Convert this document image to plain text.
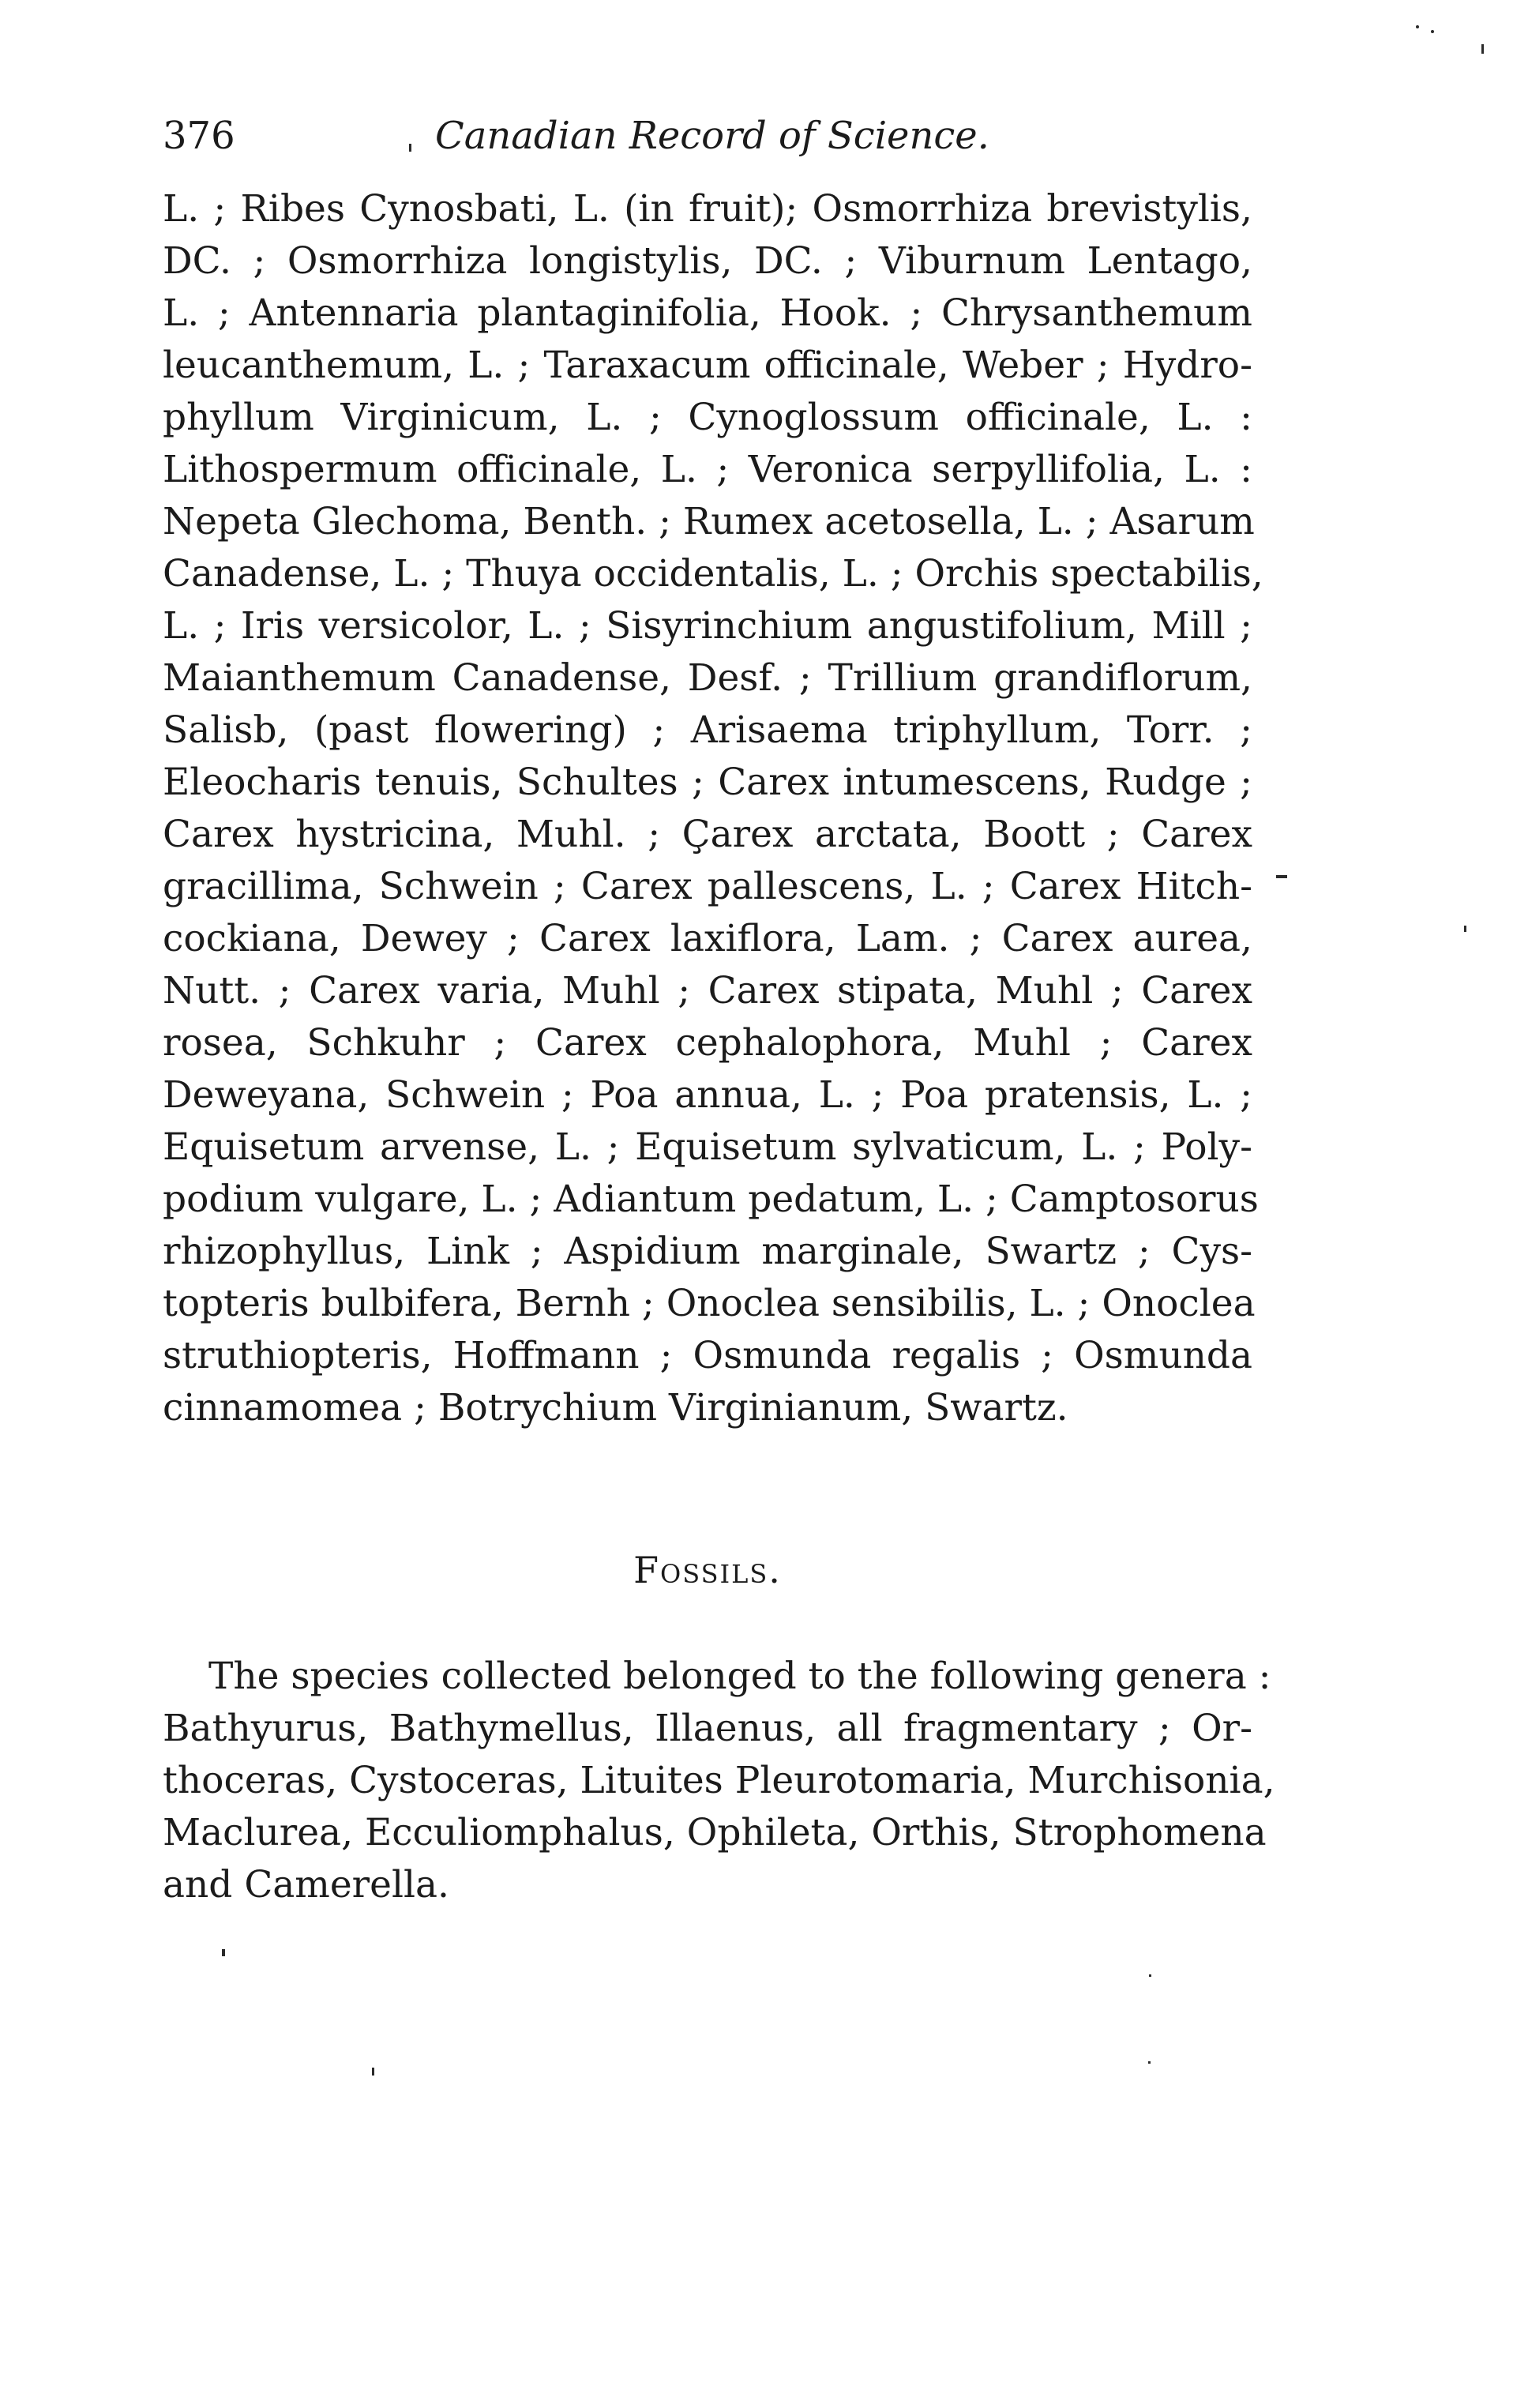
376	Canadian Record of Science.
L. ; Ribes Cynosbati, L. (in fruit); Osmorrhiza brevistylis,
DC. ; Osmorrhiza longistylis, DC. ; Viburnum Lentago,
L. ; Antennaria plantaginifolia, Hook. ; Chrysanthemum
leucanthemum, L. ; Taraxacum officinale, Weber ; Hydro-
phyllum Virginicum, L. ; Cynoglossum officinale, L. :
Lithospermum officinale, L. ; Veronica serpyllifolia, L. :
Nepeta Glechoma, Benth. ; Rumex acetosella, L. ; Asarum
Canadense, L. ; Thuya occidentalis, L. ; Orchis spectabilis,
L. ; Iris versicolor, L. ; Sisyrinchium angustifolium, Mill ;
Maianthemum Canadense, Desf. ; Trillium grandiflorum,
Salisb, (past flowering) ; Arisaema triphyllum, Torr. ;
Eleocharis tenuis, Schultes ; Carex intumescens, Rudge ;
Carex hystricina, Muhl. ; Çarex arctata, Boott ; Carex
gracillima, Schwein ; Carex pallescens, L. ; Carex Hitch-
cockiana, Dewey ; Carex laxiflora, Lam. ; Carex aurea,
Nutt. ; Carex varia, Muhl ; Carex stipata, Muhl ; Carex
rosea, Schkuhr ; Carex cephalophora, Muhl ; Carex
Deweyana, Schwein ; Poa annua, L. ; Poa pratensis, L. ;
Equisetum arvense, L. ; Equisetum sylvaticum, L. ; Poly-
podium vulgare, L. ; Adiantum pedatum, L. ; Camptosorus
rhizophyllus, Link ; Aspidium marginale, Swartz ; Cys-
topteris bulbifera, Bernh ; Onoclea sensibilis, L. ; Onoclea
struthiopteris, Hoffmann ; Osmunda regalis ; Osmunda
cinnamomea ; Botrychium Virginianum, Swartz.
Fossils.
The species collected belonged to the following genera :
Bathyurus, Bathymellus, Illaenus, all fragmentary ; Or-
thoceras, Cystoceras, Lituites Pleurotomaria, Murchisonia,
Maclurea, Ecculiomphalus, Ophileta, Orthis, Strophomena
and Camerella.
